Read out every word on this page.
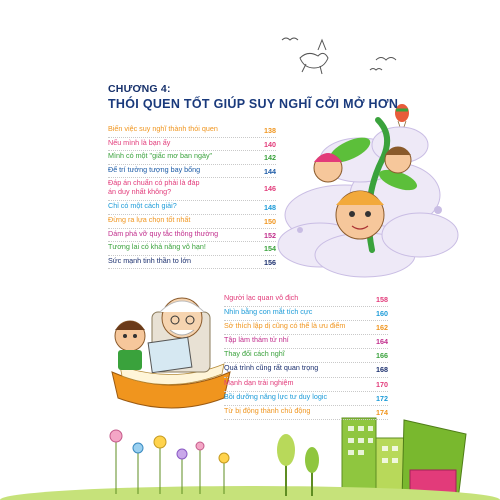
CHƯƠNG 4:
THÓI QUEN TỐT GIÚP SUY NGHĨ CỞI MỞ HƠN
Biến việc suy nghĩ thành thói quen	138
Nếu mình là bạn ấy	140
Mình có một "giấc mơ ban ngày"	142
Để trí tưởng tượng bay bổng	144
Đáp án chuẩn có phải là đáp án duy nhất không?	146
Chỉ có một cách giải?	148
Đừng ra lựa chọn tốt nhất	150
Dám phá vỡ quy tắc thông thường	152
Tương lai có khả năng vô hạn!	154
Sức mạnh tinh thần to lớn	156
Người lạc quan vô địch	158
Nhìn bằng con mắt tích cực	160
Sở thích lập dị cũng có thể là ưu điểm	162
Tập làm thám tử nhí	164
Thay đổi cách nghĩ	166
Quá trình cũng rất quan trọng	168
Mạnh dạn trải nghiệm	170
Bồi dưỡng năng lực tư duy logic	172
Từ bị động thành chủ động	174
